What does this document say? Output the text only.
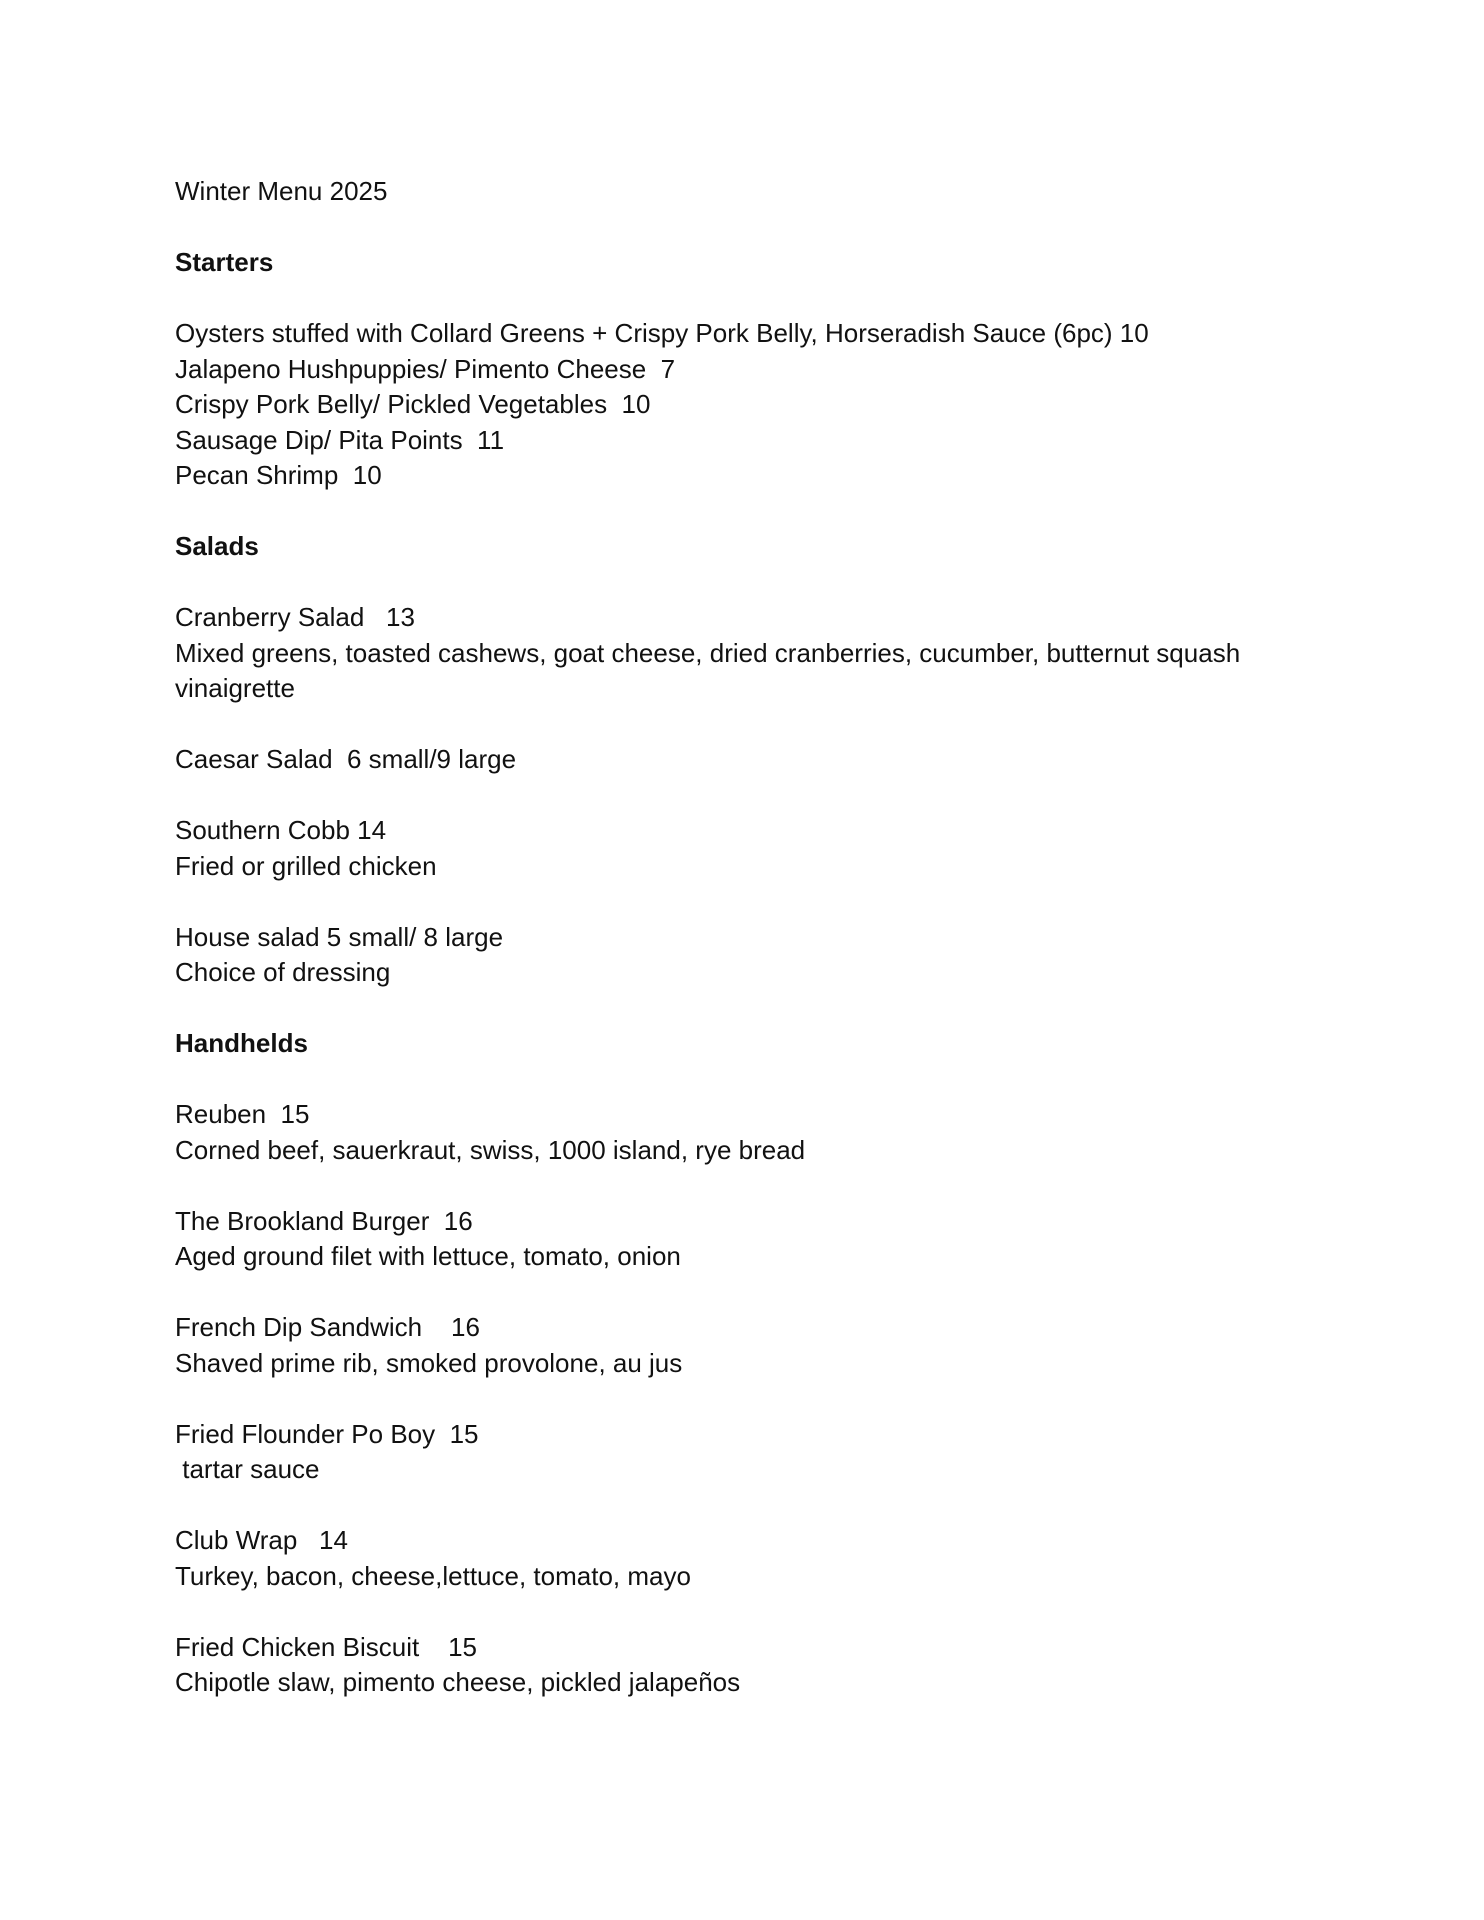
Winter Menu 2025
Starters
Oysters stuffed with Collard Greens + Crispy Pork Belly, Horseradish Sauce (6pc) 10
Jalapeno Hushpuppies/ Pimento Cheese  7
Crispy Pork Belly/ Pickled Vegetables  10
Sausage Dip/ Pita Points  11
Pecan Shrimp  10
Salads
Cranberry Salad   13
Mixed greens, toasted cashews, goat cheese, dried cranberries, cucumber, butternut squash vinaigrette
Caesar Salad  6 small/9 large
Southern Cobb 14
Fried or grilled chicken
House salad 5 small/ 8 large
Choice of dressing
Handhelds
Reuben  15
Corned beef, sauerkraut, swiss, 1000 island, rye bread
The Brookland Burger  16
Aged ground filet with lettuce, tomato, onion
French Dip Sandwich    16
Shaved prime rib, smoked provolone, au jus
Fried Flounder Po Boy  15
tartar sauce
Club Wrap   14
Turkey, bacon, cheese,lettuce, tomato, mayo
Fried Chicken Biscuit    15
Chipotle slaw, pimento cheese, pickled jalapeños
